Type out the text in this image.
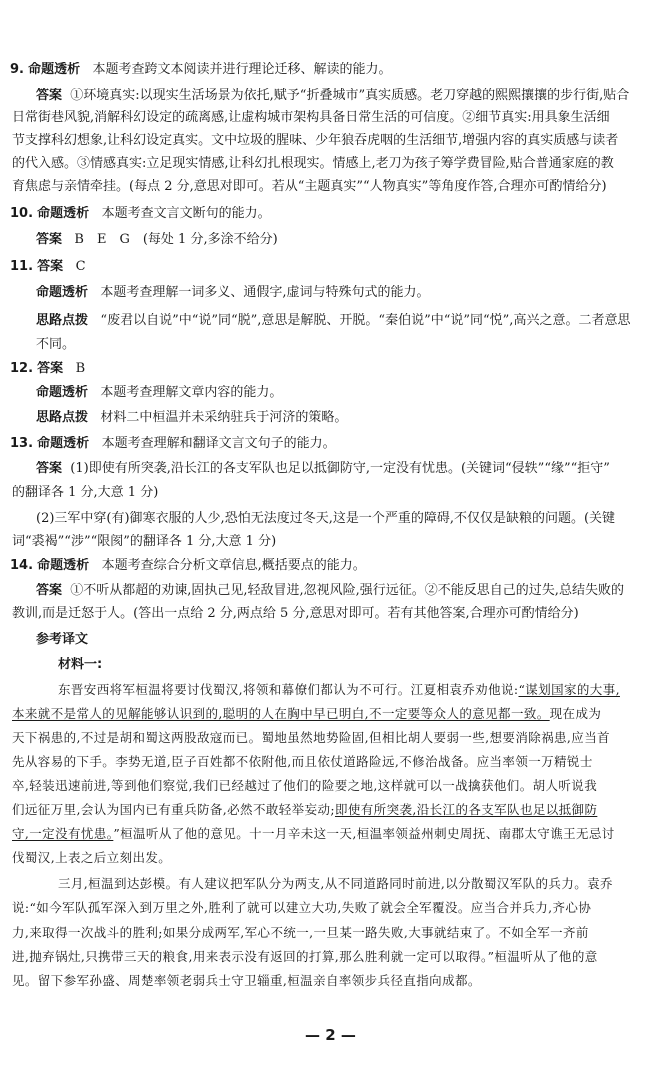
9. 命题透析 本题考查跨文本阅读并进行理论迁移、解读的能力。
答案 ①环境真实:以现实生活场景为依托,赋予“折叠城市”真实质感。老刀穿越的熙熙攘攘的步行街,贴合
日常街巷风貌,消解科幻设定的疏离感,让虚构城市架构具备日常生活的可信度。②细节真实:用具象生活细
节支撑科幻想象,让科幻设定真实。文中垃圾的腥味、少年狼吞虎咽的生活细节,增强内容的真实质感与读者
的代入感。③情感真实:立足现实情感,让科幻扎根现实。情感上,老刀为孩子筹学费冒险,贴合普通家庭的教
育焦虑与亲情牵挂。(每点 2 分,意思对即可。若从“主题真实”“人物真实”等角度作答,合理亦可酌情给分)
10. 命题透析 本题考查文言文断句的能力。
答案 B　E　G　(每处 1 分,多涂不给分)
11. 答案 C
命题透析 本题考查理解一词多义、通假字,虚词与特殊句式的能力。
思路点拨 “废君以自说”中“说”同“脱”,意思是解脱、开脱。“秦伯说”中“说”同“悦”,高兴之意。二者意思
不同。
12. 答案 B
命题透析 本题考查理解文章内容的能力。
思路点拨 材料二中桓温并未采纳驻兵于河济的策略。
13. 命题透析 本题考查理解和翻译文言文句子的能力。
答案 (1)即使有所突袭,沿长江的各支军队也足以抵御防守,一定没有忧患。(关键词“侵轶”“缘”“拒守”
的翻译各 1 分,大意 1 分)
(2)三军中穿(有)御寒衣服的人少,恐怕无法度过冬天,这是一个严重的障碍,不仅仅是缺粮的问题。(关键
词“裘褐”“涉”“限阂”的翻译各 1 分,大意 1 分)
14. 命题透析 本题考查综合分析文章信息,概括要点的能力。
答案 ①不听从都超的劝谏,固执己见,轻敌冒进,忽视风险,强行远征。②不能反思自己的过失,总结失败的
教训,而是迁怒于人。(答出一点给 2 分,两点给 5 分,意思对即可。若有其他答案,合理亦可酌情给分)
参考译文
材料一:
东晋安西将军桓温将要讨伐蜀汉,将领和幕僚们都认为不可行。江夏相袁乔劝他说:“谋划国家的大事,
本来就不是常人的见解能够认识到的,聪明的人在胸中早已明白,不一定要等众人的意见都一致。现在成为
天下祸患的,不过是胡和蜀这两股敌寇而已。蜀地虽然地势险固,但相比胡人要弱一些,想要消除祸患,应当首
先从容易的下手。李势无道,臣子百姓都不依附他,而且依仗道路险远,不修治战备。应当率领一万精锐士
卒,轻装迅速前进,等到他们察觉,我们已经越过了他们的险要之地,这样就可以一战擒获他们。胡人听说我
们远征万里,会认为国内已有重兵防备,必然不敢轻举妄动;即使有所突袭,沿长江的各支军队也足以抵御防
守,一定没有忧患。”桓温听从了他的意见。十一月辛未这一天,桓温率领益州刺史周抚、南郡太守谯王无忌讨
伐蜀汉,上表之后立刻出发。
三月,桓温到达彭模。有人建议把军队分为两支,从不同道路同时前进,以分散蜀汉军队的兵力。袁乔
说:“如今军队孤军深入到万里之外,胜利了就可以建立大功,失败了就会全军覆没。应当合并兵力,齐心协
力,来取得一次战斗的胜利;如果分成两军,军心不统一,一旦某一路失败,大事就结束了。不如全军一齐前
进,抛弃锅灶,只携带三天的粮食,用来表示没有返回的打算,那么胜利就一定可以取得。”桓温听从了他的意
见。留下参军孙盛、周楚率领老弱兵士守卫辎重,桓温亲自率领步兵径直指向成都。
— 2 —
